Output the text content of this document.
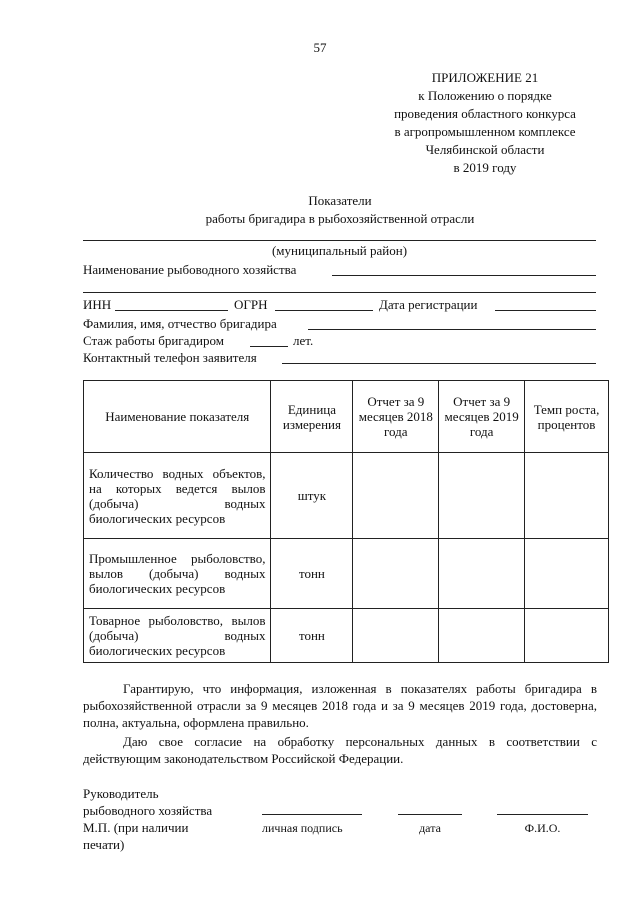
57
ПРИЛОЖЕНИЕ 21
к Положению о порядке
проведения областного конкурса
в агропромышленном комплексе
Челябинской области
в 2019 году
Показатели
работы бригадира в рыбохозяйственной отрасли
(муниципальный район)
Наименование рыбоводного хозяйства
ИНН	ОГРН	Дата регистрации
Фамилия, имя, отчество бригадира
Стаж работы бригадиром	лет.
Контактный телефон заявителя
Наименование показателя	Единица измерения	Отчет за 9 месяцев 2018 года	Отчет за 9 месяцев 2019 года	Темп роста, процентов
Количество водных объектов, на которых ведется вылов (добыча) водных биологических ресурсов	штук			
Промышленное рыболовство, вылов (добыча) водных биологических ресурсов	тонн			
Товарное рыболовство, вылов (добыча) водных биологических ресурсов	тонн			
Гарантирую, что информация, изложенная в показателях работы бригадира в рыбохозяйственной отрасли за 9 месяцев 2018 года и за 9 месяцев 2019 года, достоверна, полна, актуальна, оформлена правильно.
Даю свое согласие на обработку персональных данных в соответствии с действующим законодательством Российской Федерации.
Руководитель
рыбоводного хозяйства
М.П. (при наличии
печати)
личная подпись	дата	Ф.И.О.
